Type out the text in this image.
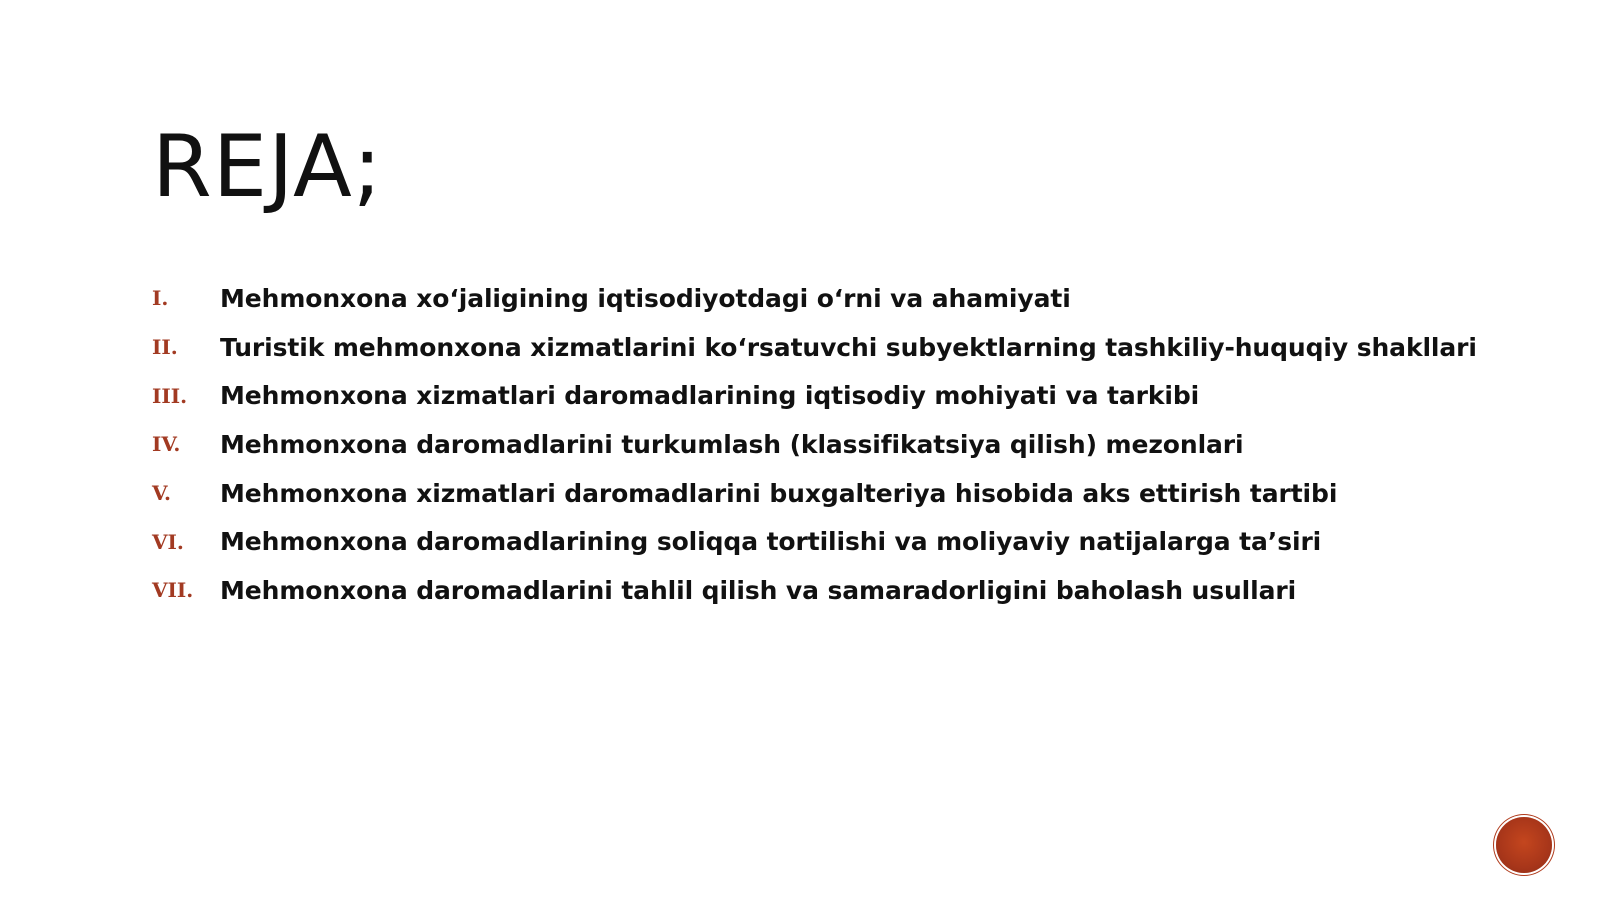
REJA;
I.	Mehmonxona xo‘jaligining iqtisodiyotdagi o‘rni va ahamiyati
II.	Turistik mehmonxona xizmatlarini ko‘rsatuvchi subyektlarning tashkiliy-huquqiy shakllari
III.	Mehmonxona xizmatlari daromadlarining iqtisodiy mohiyati va tarkibi
IV.	Mehmonxona daromadlarini turkumlash (klassifikatsiya qilish) mezonlari
V.	Mehmonxona xizmatlari daromadlarini buxgalteriya hisobida aks ettirish tartibi
VI.	Mehmonxona daromadlarining soliqqa tortilishi va moliyaviy natijalarga ta’siri
VII.	Mehmonxona daromadlarini tahlil qilish va samaradorligini baholash usullari
